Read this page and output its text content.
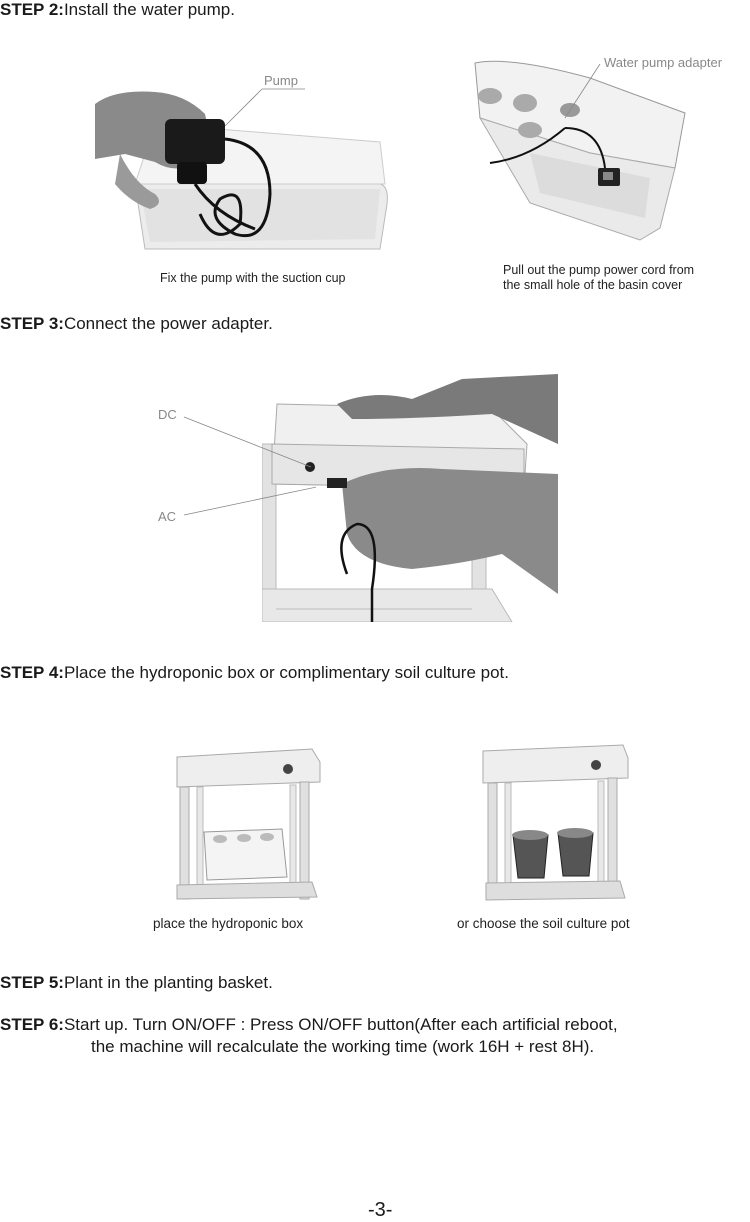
STEP 2:Install the water pump.
Pump
Fix the pump with the suction cup
Water pump adapter
Pull out the pump power cord from
the small hole of the basin cover
STEP 3:Connect the power adapter.
DC
AC
STEP 4:Place the hydroponic box or complimentary soil culture pot.
place the hydroponic box	or choose the soil culture pot
STEP 5:Plant in the planting basket.
STEP 6:Start up. Turn ON/OFF : Press ON/OFF button(After each artificial reboot,
the machine will recalculate the working time (work 16H + rest 8H).
-3-
